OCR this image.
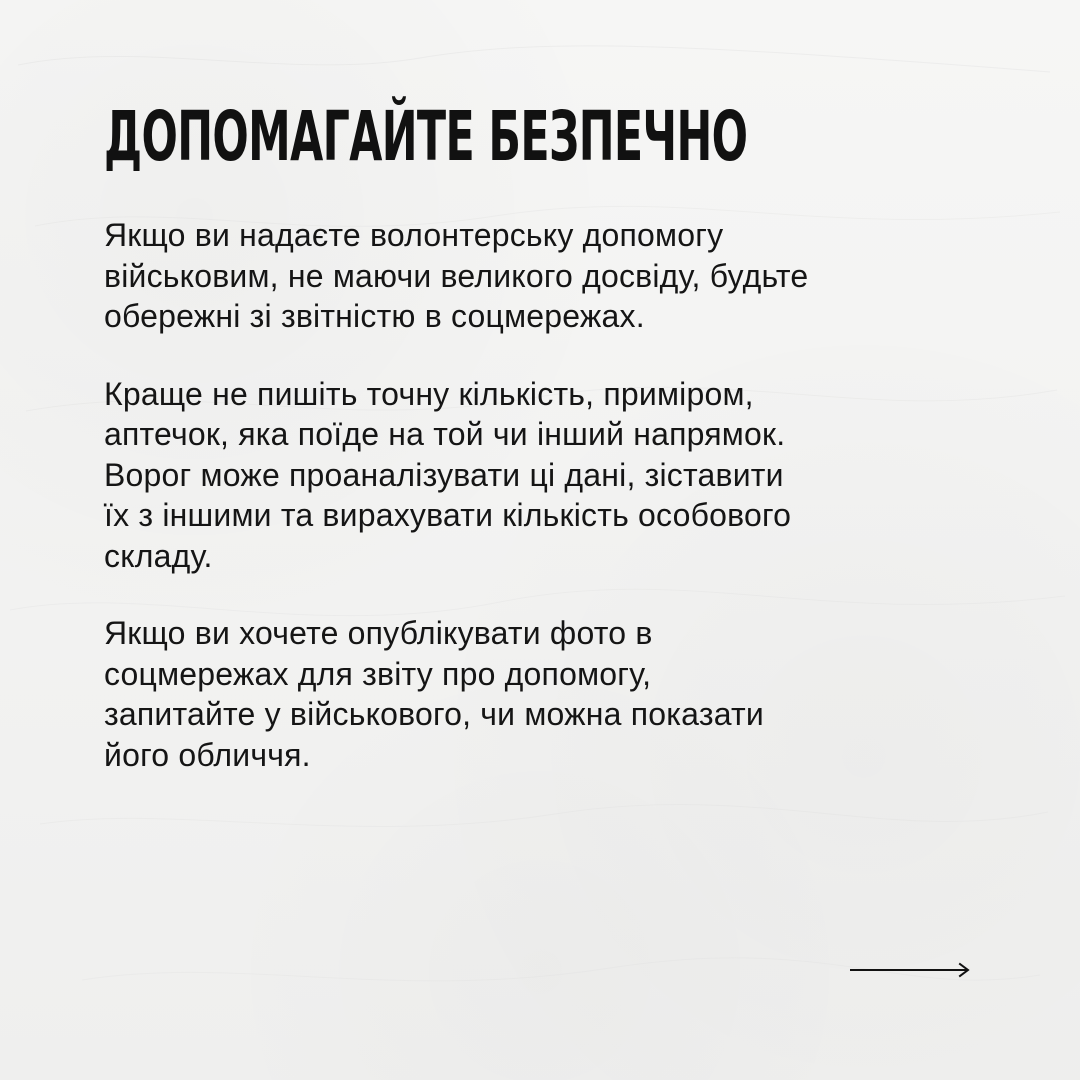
ДОПОМАГАЙТЕ БЕЗПЕЧНО

Якщо ви надаєте волонтерську допомогу
військовим, не маючи великого досвіду, будьте
обережні зі звітністю в соцмережах.

Краще не пишіть точну кількість, приміром,
аптечок, яка поїде на той чи інший напрямок.
Ворог може проаналізувати ці дані, зіставити
їх з іншими та вирахувати кількість особового
складу.

Якщо ви хочете опублікувати фото в
соцмережах для звіту про допомогу,
запитайте у військового, чи можна показати
його обличчя.
